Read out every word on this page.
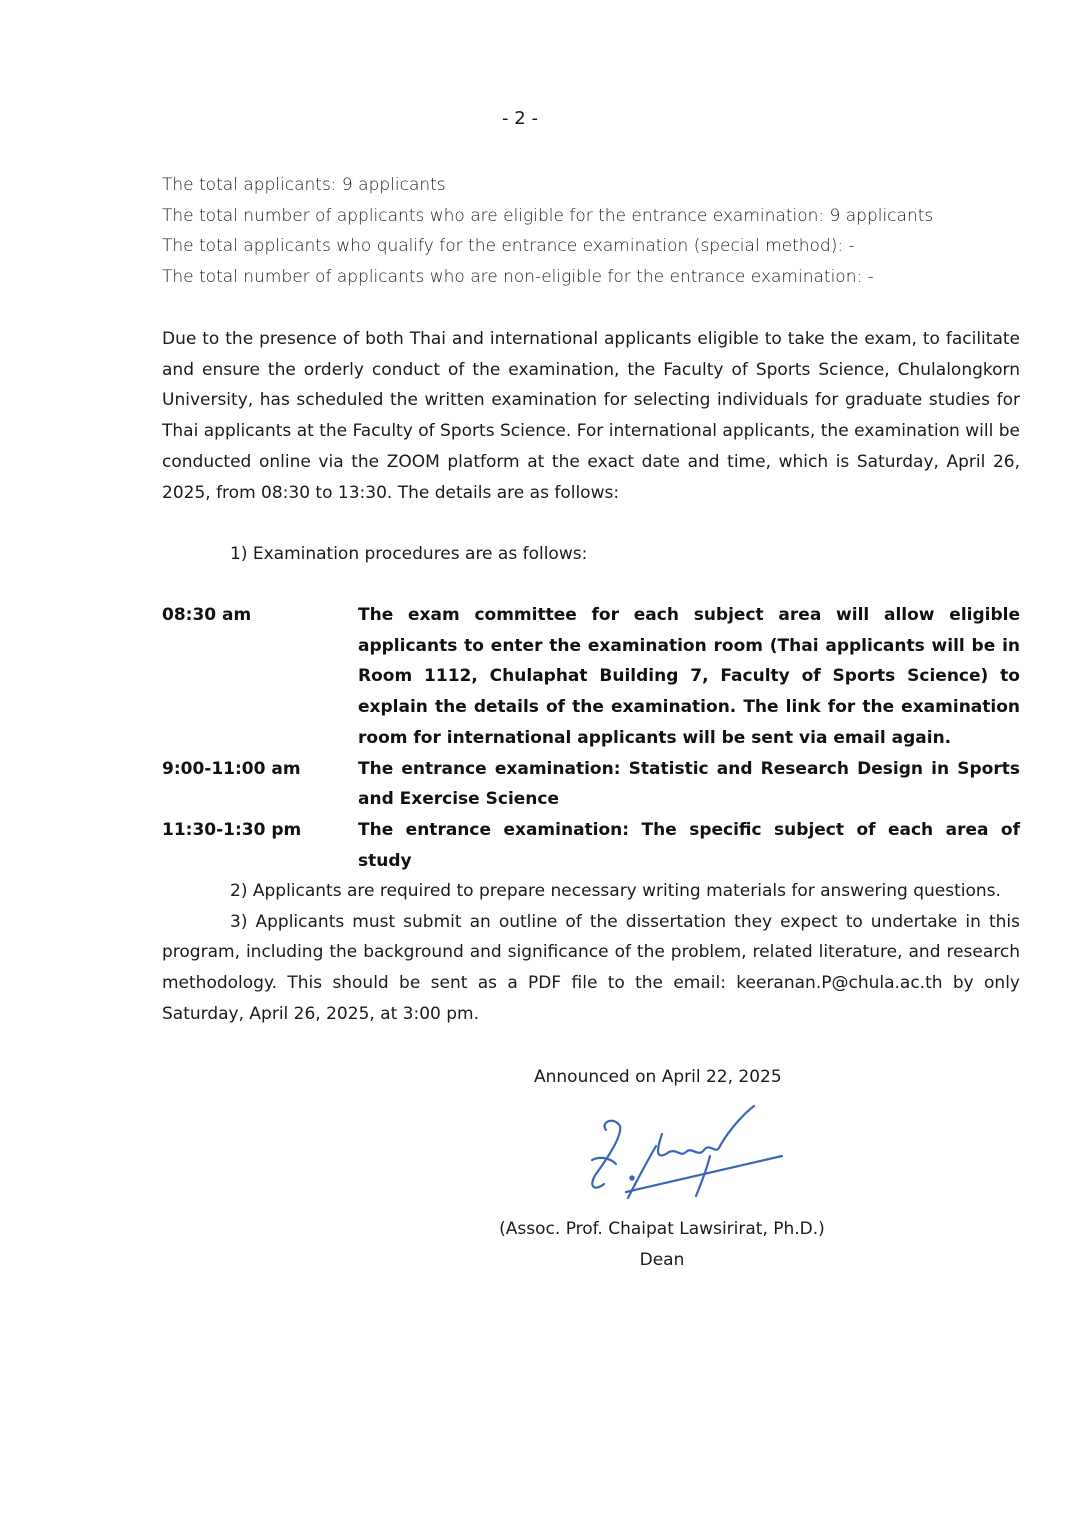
- 2 -
The total applicants: 9 applicants
The total number of applicants who are eligible for the entrance examination: 9 applicants
The total applicants who qualify for the entrance examination (special method): -
The total number of applicants who are non-eligible for the entrance examination: -
Due to the presence of both Thai and international applicants eligible to take the exam, to facilitate and ensure the orderly conduct of the examination, the Faculty of Sports Science, Chulalongkorn University, has scheduled the written examination for selecting individuals for graduate studies for Thai applicants at the Faculty of Sports Science. For international applicants, the examination will be conducted online via the ZOOM platform at the exact date and time, which is Saturday, April 26, 2025, from 08:30 to 13:30. The details are as follows:
1) Examination procedures are as follows:
08:30 am	The exam committee for each subject area will allow eligible applicants to enter the examination room (Thai applicants will be in Room 1112, Chulaphat Building 7, Faculty of Sports Science) to explain the details of the examination. The link for the examination room for international applicants will be sent via email again.
9:00-11:00 am	The entrance examination: Statistic and Research Design in Sports and Exercise Science
11:30-1:30 pm	The entrance examination: The specific subject of each area of study
2) Applicants are required to prepare necessary writing materials for answering questions.
3) Applicants must submit an outline of the dissertation they expect to undertake in this program, including the background and significance of the problem, related literature, and research methodology. This should be sent as a PDF file to the email: keeranan.P@chula.ac.th by only Saturday, April 26, 2025, at 3:00 pm.
Announced on April 22, 2025
(Assoc. Prof. Chaipat Lawsirirat, Ph.D.)
Dean
